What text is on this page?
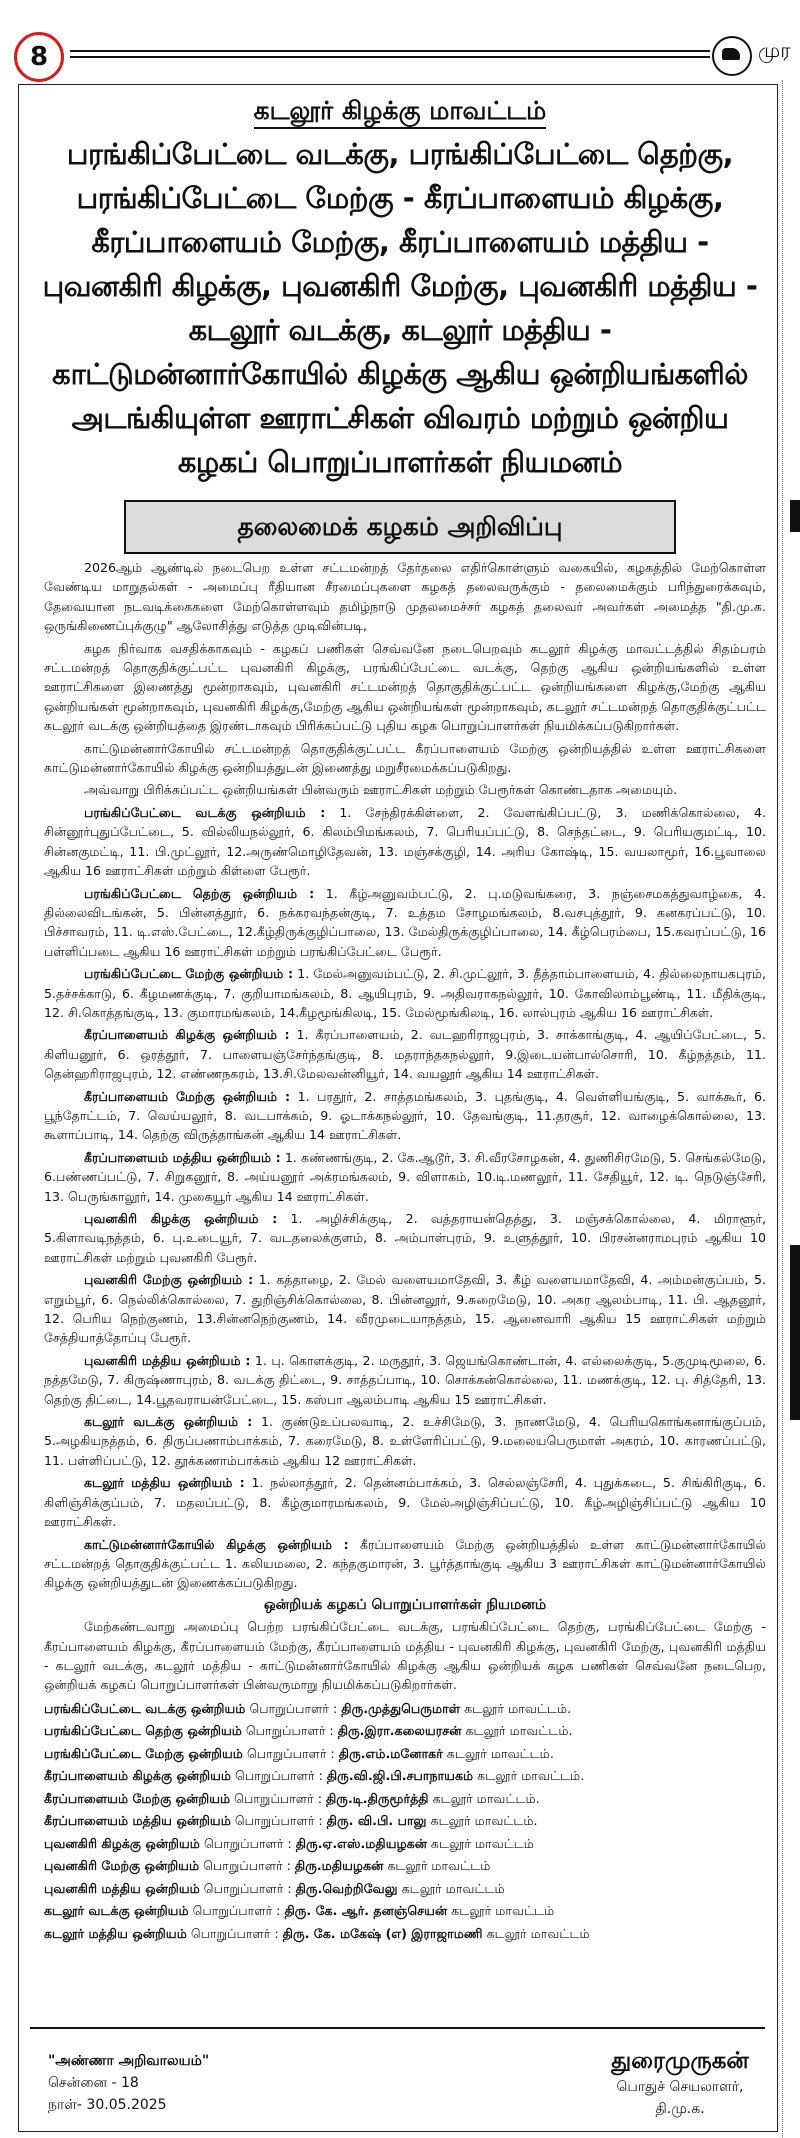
8	முர
கடலூர் கிழக்கு மாவட்டம்
பரங்கிப்பேட்டை வடக்கு, பரங்கிப்பேட்டை தெற்கு,
பரங்கிப்பேட்டை மேற்கு - கீரப்பாளையம் கிழக்கு,
கீரப்பாளையம் மேற்கு, கீரப்பாளையம் மத்திய -
புவனகிரி கிழக்கு, புவனகிரி மேற்கு, புவனகிரி மத்திய -
கடலூர் வடக்கு, கடலூர் மத்திய -
காட்டுமன்னார்கோயில் கிழக்கு ஆகிய ஒன்றியங்களில்
அடங்கியுள்ள ஊராட்சிகள் விவரம் மற்றும் ஒன்றிய
கழகப் பொறுப்பாளர்கள் நியமனம்
தலைமைக் கழகம் அறிவிப்பு

2026ஆம் ஆண்டில் நடைபெற உள்ள சட்டமன்றத் தேர்தலை எதிர்கொள்ளும் வகையில், கழகத்தில் மேற்கொள்ள வேண்டிய மாறுதல்கள் - அமைப்பு ரீதியான சீரமைப்புகளை கழகத் தலைவருக்கும் - தலைமைக்கும் பரிந்துரைக்கவும், தேவையான நடவடிக்கைகளை மேற்கொள்ளவும் தமிழ்நாடு முதலமைச்சர் கழகத் தலைவர் அவர்கள் அமைத்த "தி.மு.க. ஒருங்கிணைப்புக்குழு" ஆலோசித்து எடுத்த முடிவின்படி,

கழக நிர்வாக வசதிக்காகவும் - கழகப் பணிகள் செவ்வனே நடைபெறவும் கடலூர் கிழக்கு மாவட்டத்தில் சிதம்பரம் சட்டமன்றத் தொகுதிக்குட்பட்ட புவனகிரி கிழக்கு, பரங்கிப்பேட்டை வடக்கு, தெற்கு ஆகிய ஒன்றியங்களில் உள்ள ஊராட்சிகளை இணைத்து மூன்றாகவும், புவனகிரி சட்டமன்றத் தொகுதிக்குட்பட்ட ஒன்றியங்களை கிழக்கு,மேற்கு ஆகிய ஒன்றியங்கள் மூன்றாகவும், புவனகிரி கிழக்கு,மேற்கு ஆகிய ஒன்றியங்கள் மூன்றாகவும், கடலூர் சட்டமன்றத் தொகுதிக்குட்பட்ட கடலூர் வடக்கு ஒன்றியத்தை இரண்டாகவும் பிரிக்கப்பட்டு புதிய கழக பொறுப்பாளர்கள் நியமிக்கப்படுகிறார்கள்.

காட்டுமன்னார்கோயில் சட்டமன்றத் தொகுதிக்குட்பட்ட கீரப்பாளையம் மேற்கு ஒன்றியத்தில் உள்ள ஊராட்சிகளை காட்டுமன்னார்கோயில் கிழக்கு ஒன்றியத்துடன் இணைத்து மறுசீரமைக்கப்படுகிறது.

அவ்வாறு பிரிக்கப்பட்ட ஒன்றியங்கள் பின்வரும் ஊராட்சிகள் மற்றும் பேரூர்கள் கொண்டதாக அமையும்.

பரங்கிப்பேட்டை வடக்கு ஒன்றியம் : 1. சேந்திரக்கிள்ளை, 2. வேளங்கிப்பட்டு, 3. மணிக்கொல்லை, 4. சின்னூர்புதுப்பேட்டை, 5. வில்லியநல்லூர், 6. கிலம்பிமங்கலம், 7. பெரியப்பட்டு, 8. செந்தட்டை, 9. பெரியகுமட்டி, 10. சின்னகுமட்டி, 11. பி.முட்லூர், 12.அருண்மொழிதேவன், 13. மஞ்சக்குழி, 14. அரிய கோஷ்டி, 15. வயலாமூர், 16.பூவாலை ஆகிய 16 ஊராட்சிகள் மற்றும் கிள்ளை பேரூர்.

பரங்கிப்பேட்டை தெற்கு ஒன்றியம் : 1. கீழ்அனுவம்பட்டு, 2. பு.மடுவங்கரை, 3. நஞ்சைமகத்துவாழ்கை, 4. தில்லைவிடங்கன், 5. பின்னத்தூர், 6. நக்கரவந்தன்குடி, 7. உத்தம சோழமங்கலம், 8.வசபுத்தூர், 9. கனகரப்பட்டு, 10. பிச்சாவரம், 11. டி.எஸ்.பேட்டை, 12.கீழ்திருக்குழிப்பாலை, 13. மேல்திருக்குழிப்பாலை, 14. கீழ்பெரம்பை, 15.கவரப்பட்டு, 16 பள்ளிப்படை ஆகிய 16 ஊராட்சிகள் மற்றும் பரங்கிப்பேட்டை பேரூர்.

பரங்கிப்பேட்டை மேற்கு ஒன்றியம் : 1. மேல்அனுவம்பட்டு, 2. சி.முட்லூர், 3. தீத்தாம்பாளையம், 4. தில்லைநாயகபுரம், 5.தச்சக்காடு, 6. கீழமணக்குடி, 7. குறியாமங்கலம், 8. ஆயிபுரம், 9. அதிவராகநல்லூர், 10. கோவிலாம்பூண்டி, 11. மீதிக்குடி, 12. சி.கொத்தங்குடி, 13. குமாரமங்கலம், 14.கீழமூங்கிலடி, 15. மேல்மூங்கிலடி, 16. லால்புரம் ஆகிய 16 ஊராட்சிகள்.

கீரப்பாளையம் கிழக்கு ஒன்றியம் : 1. கீரப்பாளையம், 2. வடஹரிராஜபுரம், 3. சாக்காங்குடி, 4. ஆயிப்பேட்டை, 5. கிளியனூர், 6. ஒரத்தூர், 7. பாளையஞ்சேர்ந்தங்குடி, 8. மதராந்தகநல்லூர், 9.இடையன்பால்சொரி, 10. கீழ்நத்தம், 11. தென்ஹரிராஜபுரம், 12. எண்ணநகரம், 13.சி.மேலவன்னியூர், 14. வயலூர் ஆகிய 14 ஊராட்சிகள்.

கீரப்பாளையம் மேற்கு ஒன்றியம் : 1. பரதூர், 2. சாத்தமங்கலம், 3. புதங்குடி, 4. வெள்ளியங்குடி, 5. வாக்கூர், 6. பூந்தோட்டம், 7. வெய்யலூர், 8. வடபாக்கம், 9. ஓடாக்கநல்லூர், 10. தேவங்குடி, 11.தரசூர், 12. வாழைக்கொல்லை, 13. கூளாப்பாடி, 14. தெற்கு விருத்தாங்கன் ஆகிய 14 ஊராட்சிகள்.

கீரப்பாளையம் மத்திய ஒன்றியம் : 1. கண்ணங்குடி, 2. கே.ஆடூர், 3. சி.வீரசோழகன், 4. துணிசிரமேடு, 5. செங்கல்மேடு, 6.பண்ணப்பட்டு, 7. சிறுகனூர், 8. அய்யனூர் அக்ரமங்கலம், 9. விளாகம், 10.டி.மணலூர், 11. சேதியூர், 12. டி. நெடுஞ்சேரி, 13. பெருங்காலூர், 14. முகையூர் ஆகிய 14 ஊராட்சிகள்.

புவனகிரி கிழக்கு ஒன்றியம் : 1. அழிச்சிக்குடி, 2. வத்தராயன்தெத்து, 3. மஞ்சக்கொல்லை, 4. மிராளூர், 5.கிளாவடிநத்தம், 6. பு.உடையூர், 7. வடதலைக்குளம், 8. அம்பாள்புரம், 9. உளுத்தூர், 10. பிரசன்னராமபுரம் ஆகிய 10 ஊராட்சிகள் மற்றும் புவனகிரி பேரூர்.

புவனகிரி மேற்கு ஒன்றியம் : 1. கத்தாழை, 2. மேல் வளையமாதேவி, 3. கீழ் வளையமாதேவி, 4. அம்மன்குப்பம், 5. எறும்பூர், 6. நெல்லிக்கொல்லை, 7. துறிஞ்சிக்கொல்லை, 8. பின்னலூர், 9.சுறைமேடு, 10. அகர ஆலம்பாடி, 11. பி. ஆதனூர், 12. பெரிய நெற்குணம், 13.சின்னநெற்குணம், 14. வீரமுடையாநத்தம், 15. ஆனைவாரி ஆகிய 15 ஊராட்சிகள் மற்றும் சேத்தியாத்தோப்பு பேரூர்.

புவனகிரி மத்திய ஒன்றியம் : 1. பு. கொளக்குடி, 2. மருதூர், 3. ஜெயங்கொண்டான், 4. எல்லைக்குடி, 5.குமுடிமூலை, 6. நத்தமேடு, 7. கிருஷ்ணாபுரம், 8. வடக்கு திட்டை, 9. சாத்தப்பாடி, 10. சொக்கன்கொல்லை, 11. மணக்குடி, 12. பு. சித்தேரி, 13. தெற்கு திட்டை, 14.பூதவராயன்பேட்டை, 15. கஸ்பா ஆலம்பாடி ஆகிய 15 ஊராட்சிகள்.

கடலூர் வடக்கு ஒன்றியம் : 1. குண்டுஉப்பலவாடி, 2. உச்சிமேடு, 3. நாணமேடு, 4. பெரியகொங்கனாங்குப்பம், 5.அழகியநத்தம், 6. திருப்பணாம்பாக்கம், 7. கரைமேடு, 8. உள்ளேரிப்பட்டு, 9.மலையபெருமாள் அகரம், 10. காரணப்பட்டு, 11. பள்ளிப்பட்டு, 12. தூக்கணாம்பாக்கம் ஆகிய 12 ஊராட்சிகள்.

கடலூர் மத்திய ஒன்றியம் : 1. நல்லாத்தூர், 2. தென்னம்பாக்கம், 3. செல்லஞ்சேரி, 4. புதுக்கடை, 5. சிங்கிரிகுடி, 6. கிளிஞ்சிக்குப்பம், 7. மதலப்பட்டு, 8. கீழ்குமாரமங்கலம், 9. மேல்அழிஞ்சிப்பட்டு, 10. கீழ்அழிஞ்சிப்பட்டு ஆகிய 10 ஊராட்சிகள்.

காட்டுமன்னார்கோயில் கிழக்கு ஒன்றியம் : கீரப்பாளையம் மேற்கு ஒன்றியத்தில் உள்ள காட்டுமன்னார்கோயில் சட்டமன்றத் தொகுதிக்குட்பட்ட 1. கலியமலை, 2. கந்தகுமாரன், 3. பூர்த்தாங்குடி ஆகிய 3 ஊராட்சிகள் காட்டுமன்னார்கோயில் கிழக்கு ஒன்றியத்துடன் இணைக்கப்படுகிறது.

ஒன்றியக் கழகப் பொறுப்பாளர்கள் நியமனம்

மேற்கண்டவாறு அமைப்பு பெற்ற பரங்கிப்பேட்டை வடக்கு, பரங்கிப்பேட்டை தெற்கு, பரங்கிப்பேட்டை மேற்கு - கீரப்பாளையம் கிழக்கு, கீரப்பாளையம் மேற்கு, கீரப்பாளையம் மத்திய - புவனகிரி கிழக்கு, புவனகிரி மேற்கு, புவனகிரி மத்திய - கடலூர் வடக்கு, கடலூர் மத்திய - காட்டுமன்னார்கோயில் கிழக்கு ஆகிய ஒன்றியக் கழக பணிகள் செவ்வனே நடைபெற, ஒன்றியக் கழகப் பொறுப்பாளர்கள் பின்வருமாறு நியமிக்கப்படுகிறார்கள்.

பரங்கிப்பேட்டை வடக்கு ஒன்றியம் பொறுப்பாளர் : திரு.முத்துபெருமாள் கடலூர் மாவட்டம்.
பரங்கிப்பேட்டை தெற்கு ஒன்றியம் பொறுப்பாளர் : திரு.இரா.கலையரசன் கடலூர் மாவட்டம்.
பரங்கிப்பேட்டை மேற்கு ஒன்றியம் பொறுப்பாளர் : திரு.எம்.மனோகர் கடலூர் மாவட்டம்.
கீரப்பாளையம் கிழக்கு ஒன்றியம் பொறுப்பாளர் : திரு.வி.ஜி.பி.சபாநாயகம் கடலூர் மாவட்டம்.
கீரப்பாளையம் மேற்கு ஒன்றியம் பொறுப்பாளர் : திரு.டி.திருமூர்த்தி கடலூர் மாவட்டம்.
கீரப்பாளையம் மத்திய ஒன்றியம் பொறுப்பாளர் : திரு. வி.பி. பாலு கடலூர் மாவட்டம்.
புவனகிரி கிழக்கு ஒன்றியம் பொறுப்பாளர் : திரு.ஏ.எஸ்.மதியழகன் கடலூர் மாவட்டம்
புவனகிரி மேற்கு ஒன்றியம் பொறுப்பாளர் : திரு.மதியழகன் கடலூர் மாவட்டம்
புவனகிரி மத்திய ஒன்றியம் பொறுப்பாளர் : திரு.வெற்றிவேலு கடலூர் மாவட்டம்
கடலூர் வடக்கு ஒன்றியம் பொறுப்பாளர் : திரு. கே. ஆர். தனஞ்செயன் கடலூர் மாவட்டம்
கடலூர் மத்திய ஒன்றியம் பொறுப்பாளர் : திரு. கே. மகேஷ் (எ) இராஜாமணி கடலூர் மாவட்டம்
"அண்ணா அறிவாலயம்"
சென்னை - 18
நாள்- 30.05.2025
துரைமுருகன்
பொதுச் செயலாளர்,
தி.மு.க.
